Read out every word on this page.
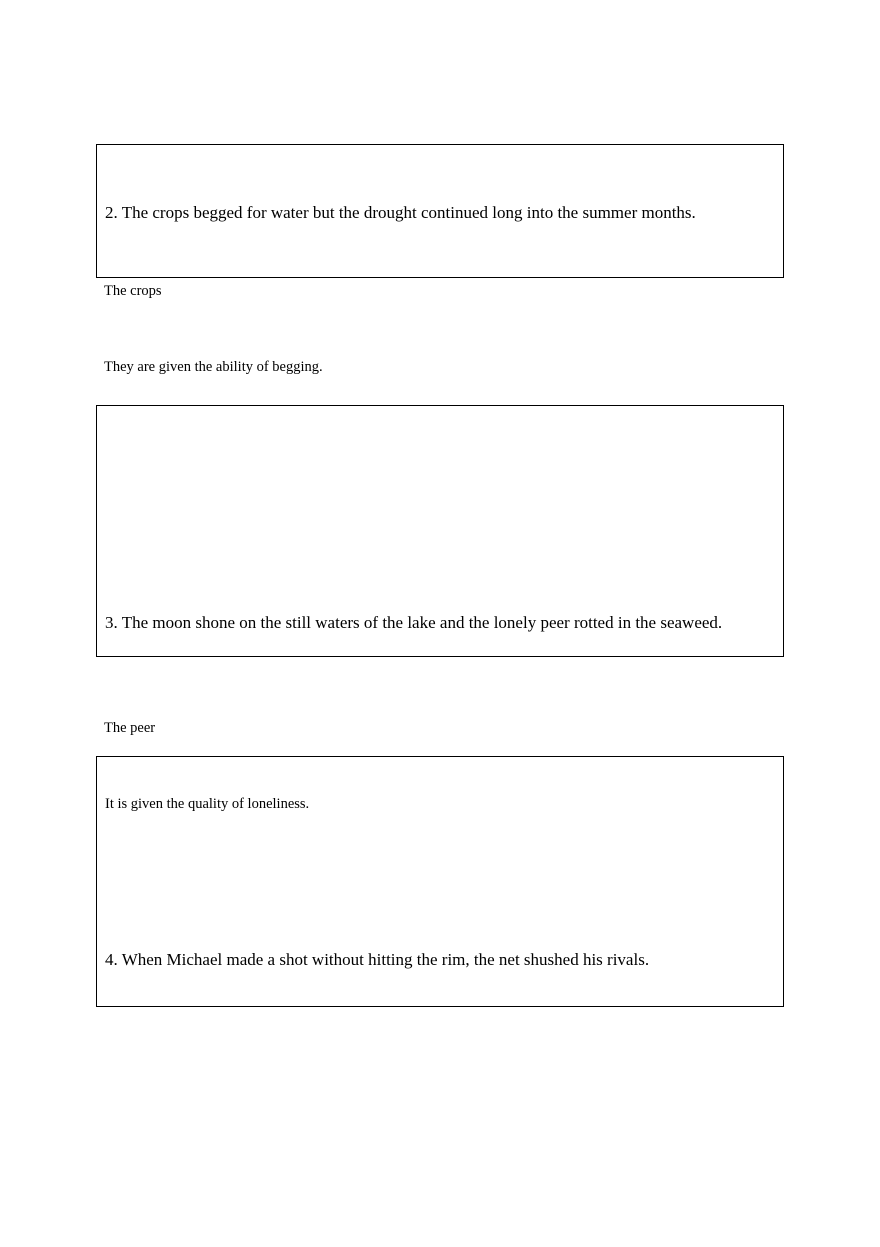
2. The crops begged for water but the drought continued long into the summer months.
The crops
They are given the ability of begging.
3. The moon shone on the still waters of the lake and the lonely peer rotted in the seaweed.
The peer
It is given the quality of loneliness.
4. When Michael made a shot without hitting the rim, the net shushed his rivals.
